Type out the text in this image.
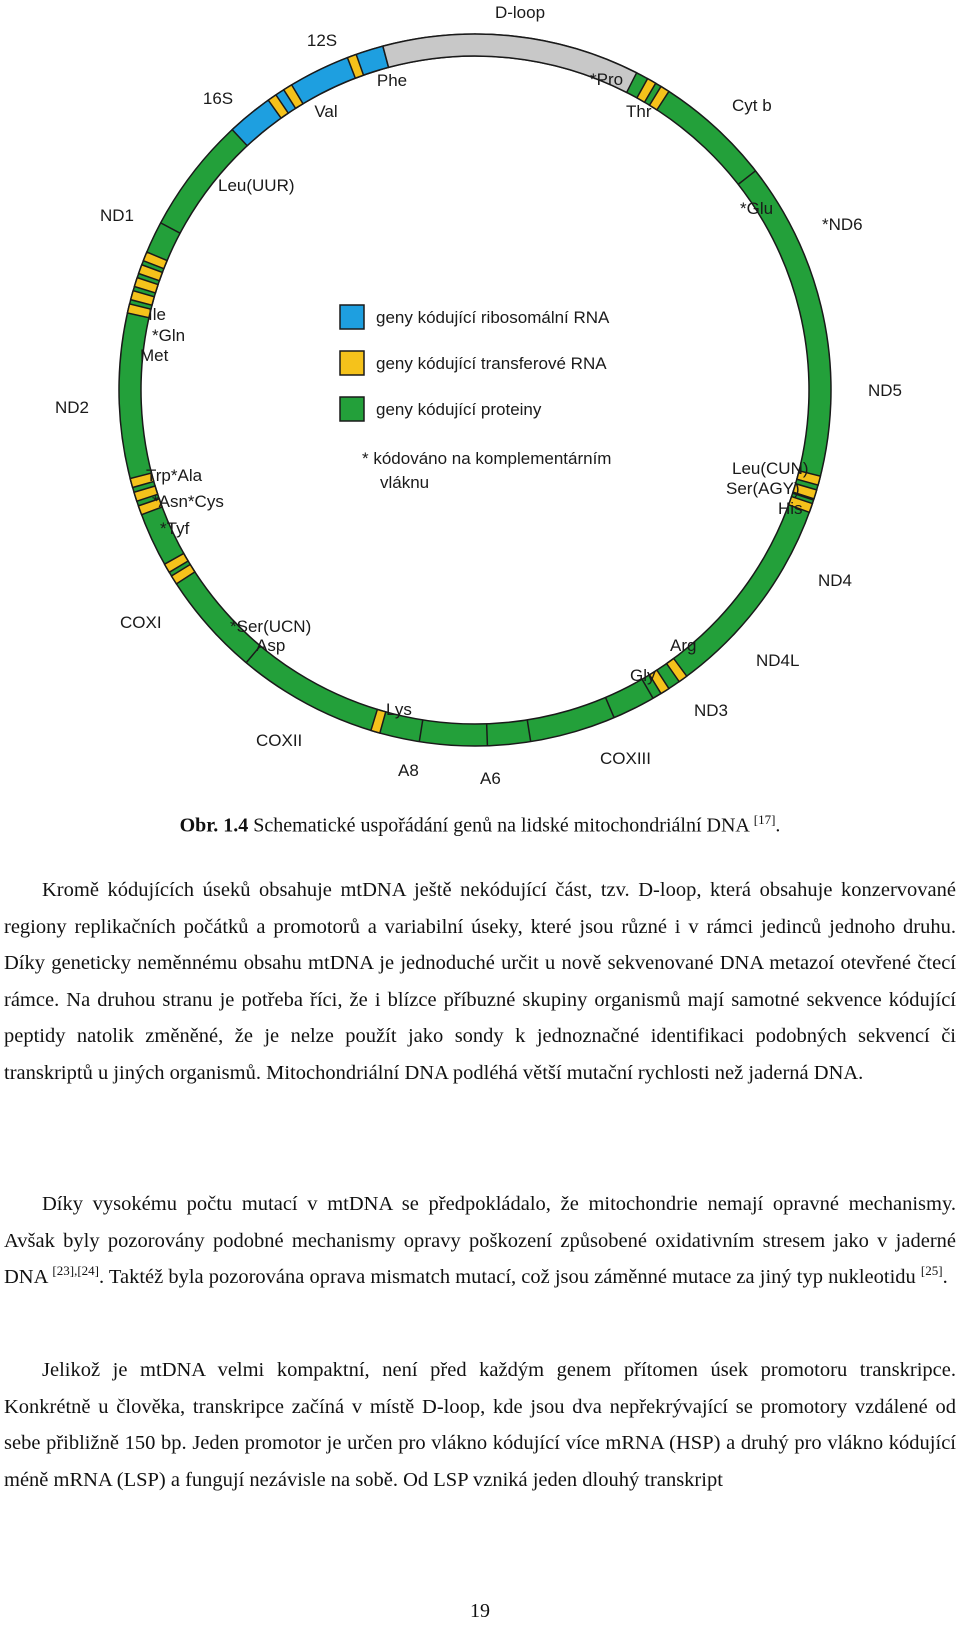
D-loop
12S
16S
Phe
Val
*Pro
Thr	Cyt b
Leu(UUR)
ND1	*Glu
*ND6
Ile
*Gln
Met
ND2
ND5
Trp*Ala
*Asn*Cys
*Tyf
Leu(CUN)
Ser(AGY)
His
ND4
COXI	*Ser(UCN)
Asp	Arg
ND4L
Gly
ND3
Lys
COXII
COXIII
A8	A6
geny kódující ribosomální RNA
geny kódující transferové RNA
geny kódující proteiny
* kódováno na komplementárním
vláknu
Obr. 1.4 Schematické uspořádání genů na lidské mitochondriální DNA [17].

Kromě kódujících úseků obsahuje mtDNA ještě nekódující část, tzv. D-loop, která obsahuje konzervované regiony replikačních počátků a promotorů a variabilní úseky, které jsou různé i v rámci jedinců jednoho druhu. Díky geneticky neměnnému obsahu mtDNA je jednoduché určit u nově sekvenované DNA metazoí otevřené čtecí rámce. Na druhou stranu je potřeba říci, že i blízce příbuzné skupiny organismů mají samotné sekvence kódující peptidy natolik změněné, že je nelze použít jako sondy k jednoznačné identifikaci podobných sekvencí či transkriptů u jiných organismů. Mitochondriální DNA podléhá větší mutační rychlosti než jaderná DNA.

Díky vysokému počtu mutací v mtDNA se předpokládalo, že mitochondrie nemají opravné mechanismy. Avšak byly pozorovány podobné mechanismy opravy poškození způsobené oxidativním stresem jako v jaderné DNA [23],[24]. Taktéž byla pozorována oprava mismatch mutací, což jsou záměnné mutace za jiný typ nukleotidu [25].

Jelikož je mtDNA velmi kompaktní, není před každým genem přítomen úsek promotoru transkripce. Konkrétně u člověka, transkripce začíná v místě D-loop, kde jsou dva nepřekrývající se promotory vzdálené od sebe přibližně 150 bp. Jeden promotor je určen pro vlákno kódující více mRNA (HSP) a druhý pro vlákno kódující méně mRNA (LSP) a fungují nezávisle na sobě. Od LSP vzniká jeden dlouhý transkript

19
